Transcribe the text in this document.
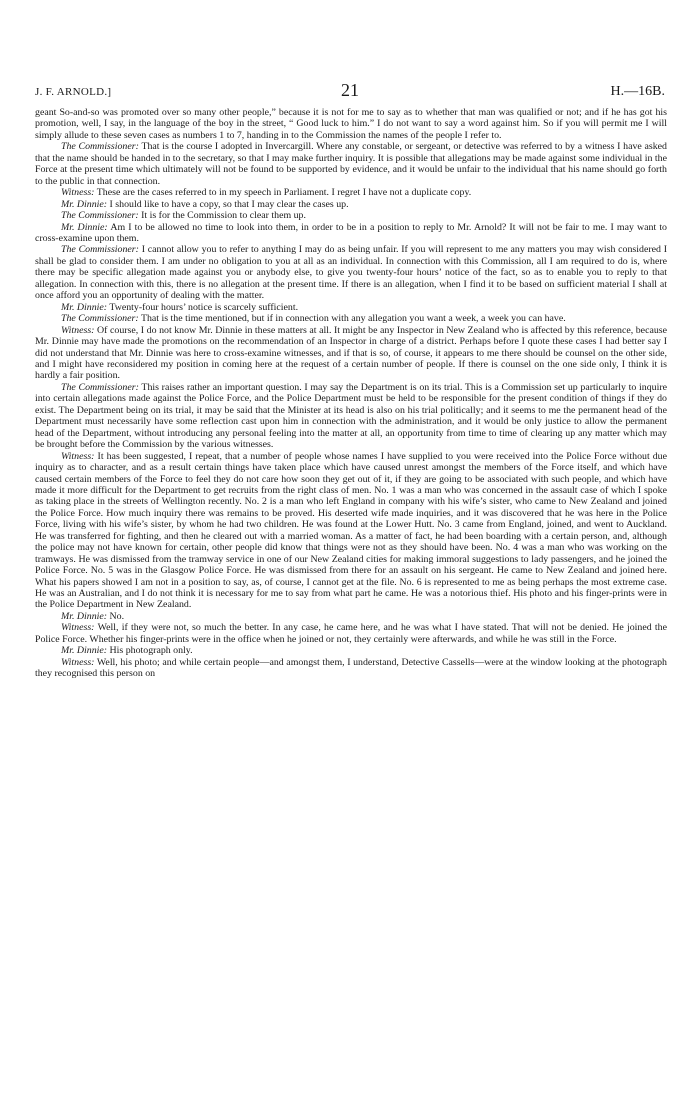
J. F. ARNOLD.]	21	H.—16B.

geant So-and-so was promoted over so many other people,” because it is not for me to say as to whether that man was qualified or not; and if he has got his promotion, well, I say, in the language of the boy in the street, “ Good luck to him.” I do not want to say a word against him. So if you will permit me I will simply allude to these seven cases as numbers 1 to 7, handing in to the Commission the names of the people I refer to.

The Commissioner: That is the course I adopted in Invercargill. Where any constable, or sergeant, or detective was referred to by a witness I have asked that the name should be handed in to the secretary, so that I may make further inquiry. It is possible that allegations may be made against some individual in the Force at the present time which ultimately will not be found to be supported by evidence, and it would be unfair to the individual that his name should go forth to the public in that connection.

Witness: These are the cases referred to in my speech in Parliament. I regret I have not a duplicate copy.

Mr. Dinnie: I should like to have a copy, so that I may clear the cases up.

The Commissioner: It is for the Commission to clear them up.

Mr. Dinnie: Am I to be allowed no time to look into them, in order to be in a position to reply to Mr. Arnold? It will not be fair to me. I may want to cross-examine upon them.

The Commissioner: I cannot allow you to refer to anything I may do as being unfair. If you will represent to me any matters you may wish considered I shall be glad to consider them. I am under no obligation to you at all as an individual. In connection with this Commission, all I am required to do is, where there may be specific allegation made against you or anybody else, to give you twenty-four hours’ notice of the fact, so as to enable you to reply to that allegation. In connection with this, there is no allegation at the present time. If there is an allegation, when I find it to be based on sufficient material I shall at once afford you an opportunity of dealing with the matter.

Mr. Dinnie: Twenty-four hours’ notice is scarcely sufficient.

The Commissioner: That is the time mentioned, but if in connection with any allegation you want a week, a week you can have.

Witness: Of course, I do not know Mr. Dinnie in these matters at all. It might be any Inspector in New Zealand who is affected by this reference, because Mr. Dinnie may have made the promotions on the recommendation of an Inspector in charge of a district. Perhaps before I quote these cases I had better say I did not understand that Mr. Dinnie was here to cross-examine witnesses, and if that is so, of course, it appears to me there should be counsel on the other side, and I might have reconsidered my position in coming here at the request of a certain number of people. If there is counsel on the one side only, I think it is hardly a fair position.

The Commissioner: This raises rather an important question. I may say the Department is on its trial. This is a Commission set up particularly to inquire into certain allegations made against the Police Force, and the Police Department must be held to be responsible for the present condition of things if they do exist. The Department being on its trial, it may be said that the Minister at its head is also on his trial politically; and it seems to me the permanent head of the Department must necessarily have some reflection cast upon him in connection with the administration, and it would be only justice to allow the permanent head of the Department, without introducing any personal feeling into the matter at all, an opportunity from time to time of clearing up any matter which may be brought before the Commission by the various witnesses.

Witness: It has been suggested, I repeat, that a number of people whose names I have supplied to you were received into the Police Force without due inquiry as to character, and as a result certain things have taken place which have caused unrest amongst the members of the Force itself, and which have caused certain members of the Force to feel they do not care how soon they get out of it, if they are going to be associated with such people, and which have made it more difficult for the Department to get recruits from the right class of men. No. 1 was a man who was concerned in the assault case of which I spoke as taking place in the streets of Wellington recently. No. 2 is a man who left England in company with his wife’s sister, who came to New Zealand and joined the Police Force. How much inquiry there was remains to be proved. His deserted wife made inquiries, and it was discovered that he was here in the Police Force, living with his wife’s sister, by whom he had two children. He was found at the Lower Hutt. No. 3 came from England, joined, and went to Auckland. He was transferred for fighting, and then he cleared out with a married woman. As a matter of fact, he had been boarding with a certain person, and, although the police may not have known for certain, other people did know that things were not as they should have been. No. 4 was a man who was working on the tramways. He was dismissed from the tramway service in one of our New Zealand cities for making immoral suggestions to lady passengers, and he joined the Police Force. No. 5 was in the Glasgow Police Force. He was dismissed from there for an assault on his sergeant. He came to New Zealand and joined here. What his papers showed I am not in a position to say, as, of course, I cannot get at the file. No. 6 is represented to me as being perhaps the most extreme case. He was an Australian, and I do not think it is necessary for me to say from what part he came. He was a notorious thief. His photo and his finger-prints were in the Police Department in New Zealand.

Mr. Dinnie: No.

Witness: Well, if they were not, so much the better. In any case, he came here, and he was what I have stated. That will not be denied. He joined the Police Force. Whether his finger-prints were in the office when he joined or not, they certainly were afterwards, and while he was still in the Force.

Mr. Dinnie: His photograph only.

Witness: Well, his photo; and while certain people—and amongst them, I understand, Detective Cassells—were at the window looking at the photograph they recognised this person on
